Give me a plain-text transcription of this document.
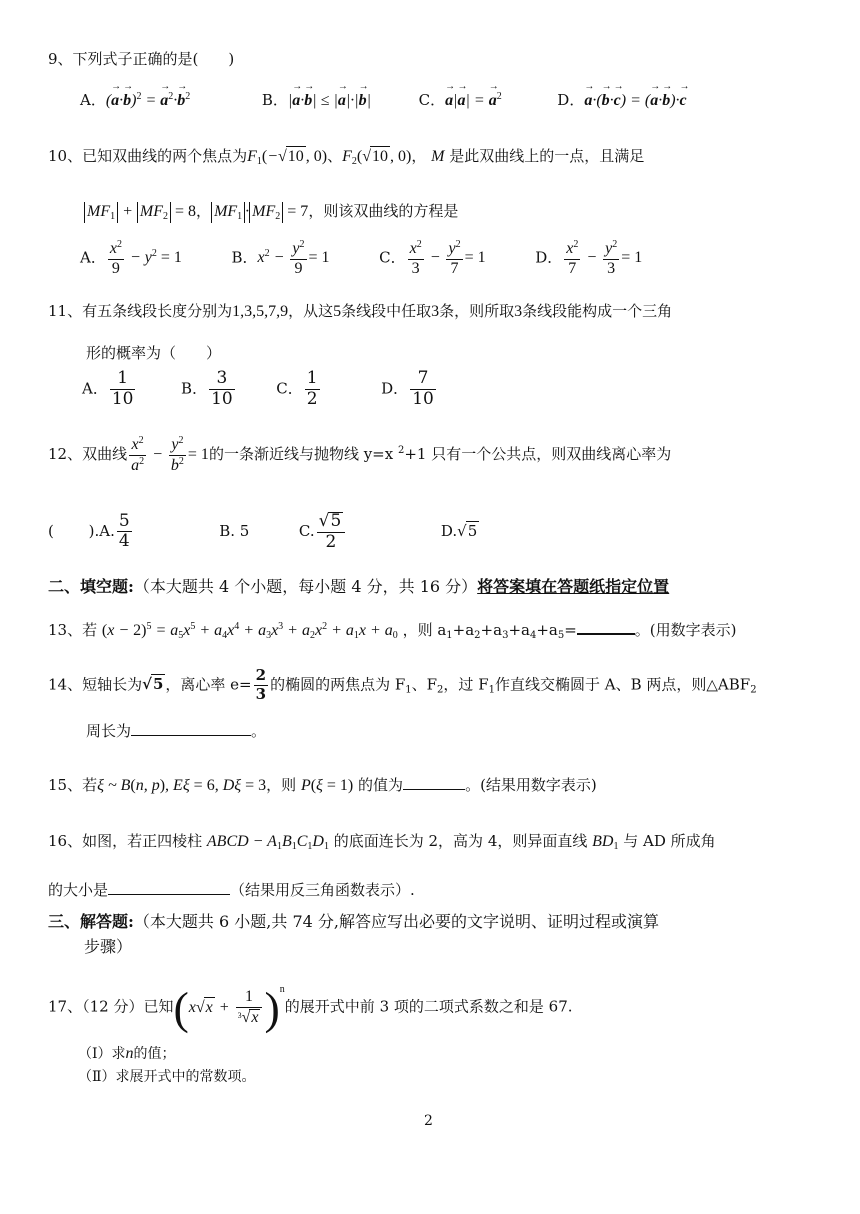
9、下列式子正确的是(　　)
A．(→ a·→ b)$^2$ = → $a^2\cdot\to b^2$	B．|→ a·→ b| ≤ |→ a|·|→ b|	C．→ a|→ a| = → $a^2$	D．→ a·(→ b·→ c) = (→ a·→ b)·→ c
10、已知双曲线的两个焦点为$F_1(-√10$ , 0)、$F_2(√10$ , 0)， M 是此双曲线上的一点，且满足
$MF_1 + MF_2 = 8$， $MF_1 \cdot MF_2 = 7$，则该双曲线的方程是
A． $\frac{x^2}{9} - y^2 = 1$	B．$x^2 - \frac{y^2}{9} = 1$	C． $\frac{x^2}{3} - \frac{y^2}{7} = 1$	D． $\frac{x^2}{7} - \frac{y^2}{3} = 1$
11、有五条线段长度分别为1,3,5,7,9，从这5条线段中任取3条，则所取3条线段能构成一个三角
形的概率为（　　）
A． $\frac{1}{10}$	B． $\frac{3}{10}$	C． $\frac{1}{2}$	D． $\frac{7}{10}$
12、双曲线 $\frac{x^2}{a^2} - \frac{y^2}{b^2} = 1$的一条渐近线与抛物线 y=x $^2$+1 只有一个公共点，则双曲线离心率为
(　　 ).A. $\frac{5}{4}$	B. 5	C. $\frac{√5}{2}$	D.√5
二、填空题:（本大题共 4 个小题，每小题 4 分，共 16 分）将答案填在答题纸指定位置
13、若 $(x - 2)^5 = a_5x^5 + a_4x^4 + a_3x^3 + a_2x^2 + a_1x + a_0$ ，则 $a_1+a_2+a_3+a_4+a_5=$	。(用数字表示)
14、短轴长为√5 ，离心率 $e= \frac{2}{3}$ 的椭圆的两焦点为 $F_1$、$F_2$，过 $F_1$作直线交椭圆于 A、B 两点，则$\triangle ABF_2$
周长为	。
15、若ξ ~ B(n, p), Eξ = 6, Dξ = 3，则 P(ξ = 1) 的值为	。(结果用数字表示)
16、如图，若正四棱柱 ABCD − $A_1B_1C_1D_1$ 的底面连长为 2，高为 4，则异面直线 $BD_1$ 与 AD 所成角
的大小是	（结果用反三角函数表示）.
三、解答题:（本大题共 6 小题,共 74 分,解答应写出必要的文字说明、证明过程或演算
步骤）
17、（12 分）已知$(x√x + \frac{1}{^3√x} )^n$的展开式中前 3 项的二项式系数之和是 67.
（Ⅰ）求n的值；
（Ⅱ）求展开式中的常数项。
2
